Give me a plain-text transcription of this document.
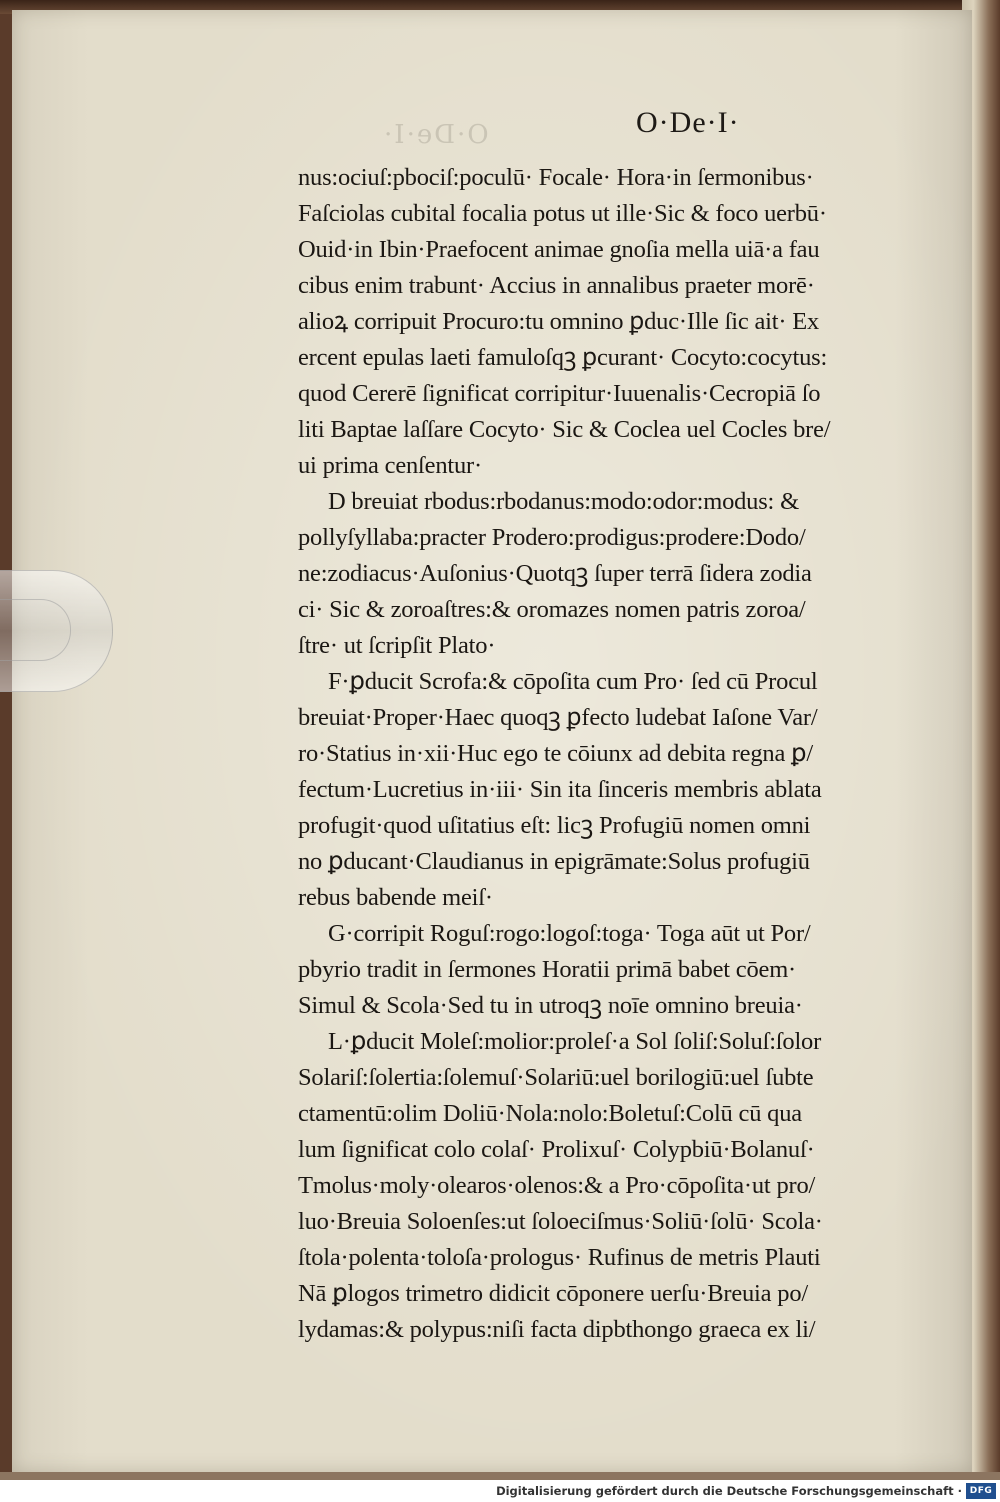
O·De·I·	O·De·I·
nus:ociuſ:pbociſ:poculū· Focale· Hora·in ſermonibus·
Faſciolas cubital focalia potus ut ille·Sic & foco uerbū·
Ouid·in Ibin·Praefocent animae gnoſia mella uiā·a fau
cibus enim trabunt· Accius in annalibus praeter morē·
alioꝝ corripuit Procuro:tu omnino ꝑduc·Ille ſic ait· Ex
ercent epulas laeti famuloſqꝫ ꝑcurant· Cocyto:cocytus:
quod Cererē ſignificat corripitur·Iuuenalis·Cecropiā ſo
liti Baptae laſſare Cocyto· Sic & Coclea uel Cocles bre/
ui prima cenſentur·
D breuiat rbodus:rbodanus:modo:odor:modus: &
pollyſyllaba:practer Prodero:prodigus:prodere:Dodo/
ne:zodiacus·Auſonius·Quotqꝫ ſuper terrā ſidera zodia
ci· Sic & zoroaſtres:& oromazes nomen patris zoroa/
ſtre· ut ſcripſit Plato·
F·ꝑducit Scrofa:& cōpoſita cum Pro· ſed cū Procul
breuiat·Proper·Haec quoqꝫ ꝑfecto ludebat Iaſone Var/
ro·Statius in·xii·Huc ego te cōiunx ad debita regna ꝑ/
fectum·Lucretius in·iii· Sin ita ſinceris membris ablata
profugit·quod uſitatius eſt: licꝫ Profugiū nomen omni
no ꝑducant·Claudianus in epigrāmate:Solus profugiū
rebus babende meiſ·
G·corripit Roguſ:rogo:logoſ:toga· Toga aūt ut Por/
pbyrio tradit in ſermones Horatii primā babet cōem·
Simul & Scola·Sed tu in utroqꝫ noīe omnino breuia·
L·ꝑducit Moleſ:molior:proleſ·a Sol ſoliſ:Soluſ:ſolor
Solariſ:ſolertia:ſolemuſ·Solariū:uel borilogiū:uel ſubte
ctamentū:olim Doliū·Nola:nolo:Boletuſ:Colū cū qua
lum ſignificat colo colaſ· Prolixuſ· Colypbiū·Bolanuſ·
Tmolus·moly·olearos·olenos:& a Pro·cōpoſita·ut pro/
luo·Breuia Soloenſes:ut ſoloeciſmus·Soliū·ſolū· Scola·
ſtola·polenta·toloſa·prologus· Rufinus de metris Plauti
Nā ꝑlogos trimetro didicit cōponere uerſu·Breuia po/
lydamas:& polypus:niſi facta dipbthongo graeca ex li/
Digitalisierung gefördert durch die Deutsche Forschungsgemeinschaft · DFG
